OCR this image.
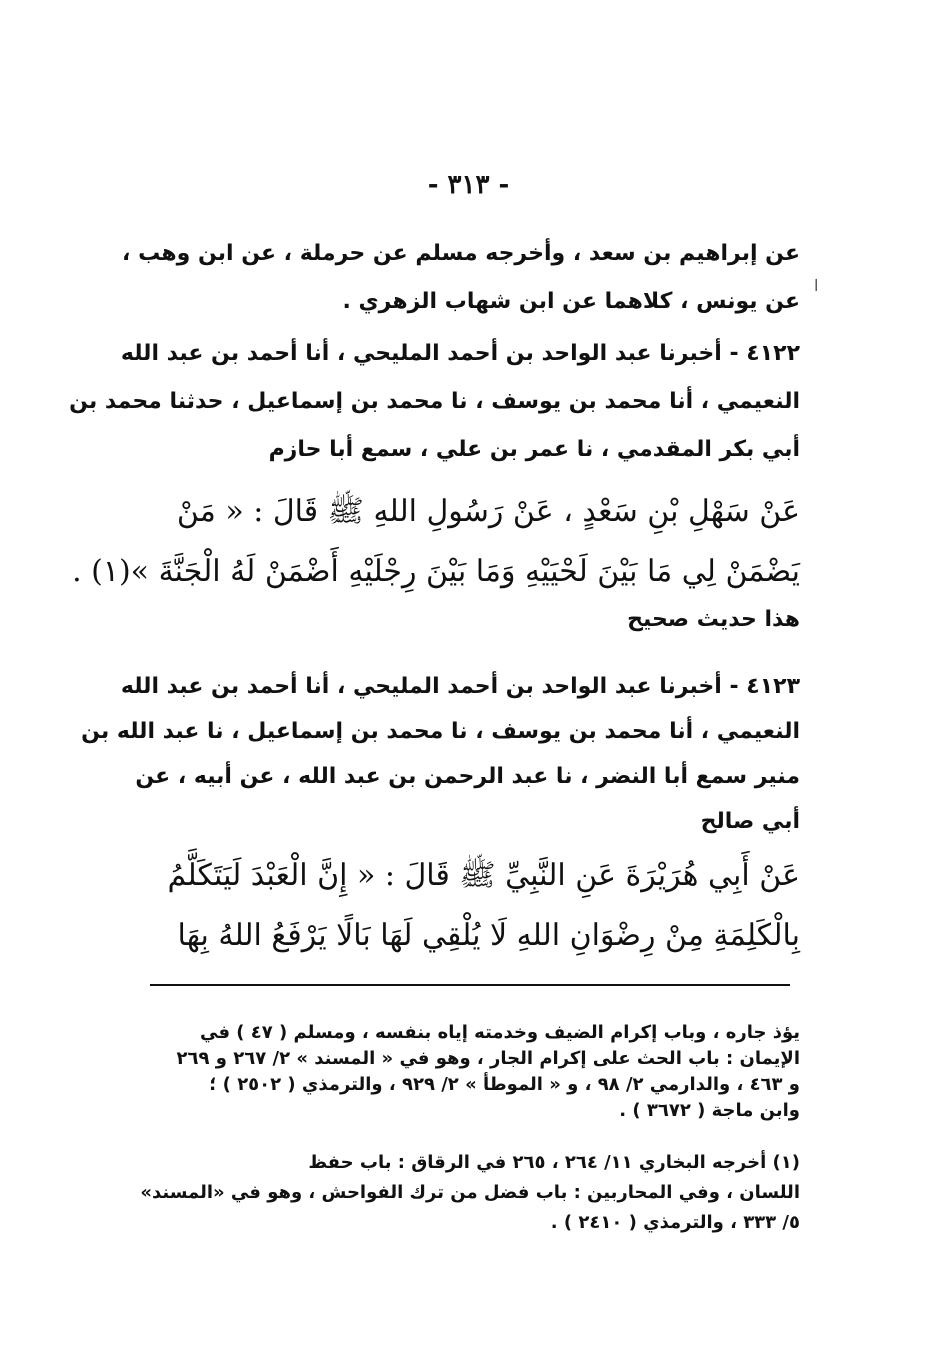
- ٣١٣ -
ا
عن إبراهيم بن سعد ، وأخرجه مسلم عن حرملة ، عن ابن وهب ،
عن يونس ، كلاهما عن ابن شهاب الزهري .
٤١٢٢ - أخبرنا عبد الواحد بن أحمد المليحي ، أنا أحمد بن عبد الله
النعيمي ، أنا محمد بن يوسف ، نا محمد بن إسماعيل ، حدثنا محمد بن
أبي بكر المقدمي ، نا عمر بن علي ، سمع أبا حازم
عَنْ سَهْلِ بْنِ سَعْدٍ ، عَنْ رَسُولِ اللهِ ﷺ قَالَ : « مَنْ
يَضْمَنْ لِي مَا بَيْنَ لَحْيَيْهِ وَمَا بَيْنَ رِجْلَيْهِ أَضْمَنْ لَهُ الْجَنَّةَ »(١) .
هذا حديث صحيح
٤١٢٣ - أخبرنا عبد الواحد بن أحمد المليحي ، أنا أحمد بن عبد الله
النعيمي ، أنا محمد بن يوسف ، نا محمد بن إسماعيل ، نا عبد الله بن
منير سمع أبا النضر ، نا عبد الرحمن بن عبد الله ، عن أبيه ، عن
أبي صالح
عَنْ أَبِي هُرَيْرَةَ عَنِ النَّبِيِّ ﷺ قَالَ : « إِنَّ الْعَبْدَ لَيَتَكَلَّمُ
بِالْكَلِمَةِ مِنْ رِضْوَانِ اللهِ لَا يُلْقِي لَهَا بَالًا يَرْفَعُ اللهُ بِهَا
يؤذ جاره ، وباب إكرام الضيف وخدمته إياه بنفسه ، ومسلم ( ٤٧ ) في
الإيمان : باب الحث على إكرام الجار ، وهو في « المسند » ٢/ ٢٦٧ و ٢٦٩
و ٤٦٣ ، والدارمي ٢/ ٩٨ ، و « الموطأ » ٢/ ٩٢٩ ، والترمذي ( ٢٥٠٢ ) ؛
وابن ماجة ( ٣٦٧٢ ) .
(١) أخرجه البخاري ١١/ ٢٦٤ ، ٢٦٥ في الرقاق : باب حفظ
اللسان ، وفي المحاربين : باب فضل من ترك الفواحش ، وهو في «المسند»
٥/ ٣٣٣ ، والترمذي ( ٢٤١٠ ) .
